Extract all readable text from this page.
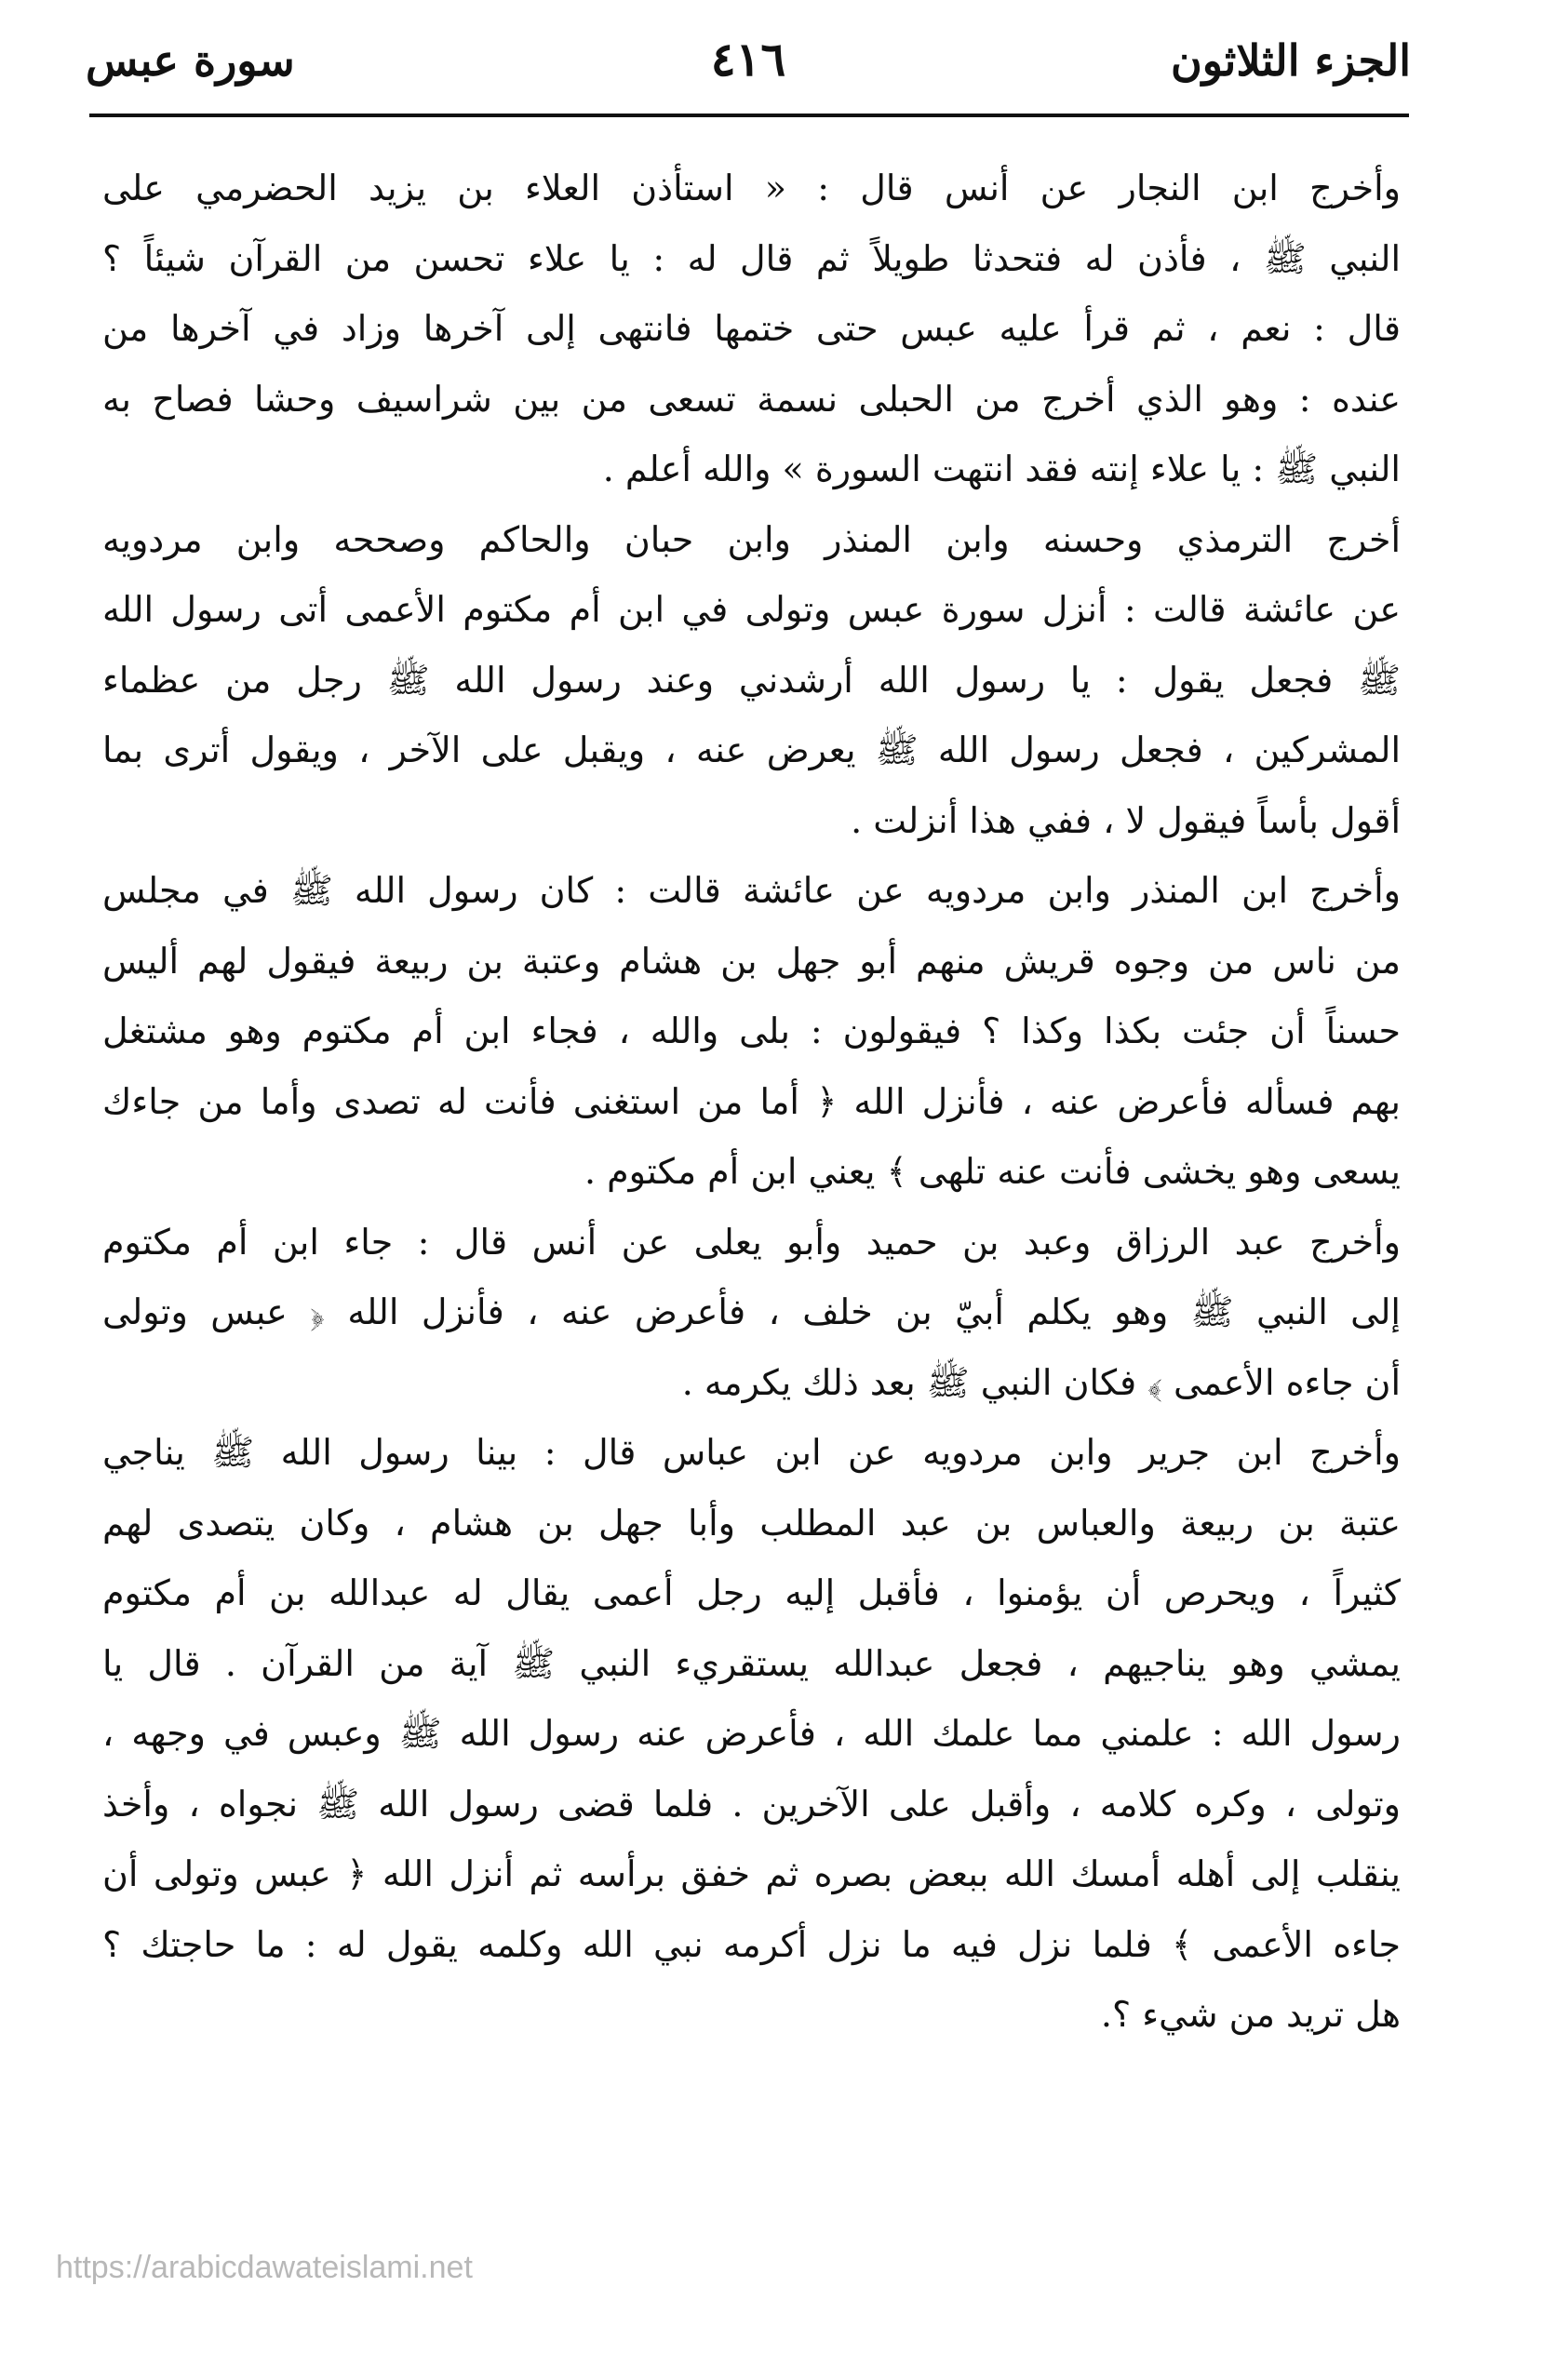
الجزء الثلاثون
٤١٦
سورة عبس

وأخرج ابن النجار عن أنس قال : « استأذن العلاء بن يزيد الحضرمي على
النبي ﷺ ، فأذن له فتحدثا طويلاً ثم قال له : يا علاء تحسن من القرآن شيئاً ؟
قال : نعم ، ثم قرأ عليه عبس حتى ختمها فانتهى إلى آخرها وزاد في آخرها من
عنده : وهو الذي أخرج من الحبلى نسمة تسعى من بين شراسيف وحشا فصاح به
النبي ﷺ : يا علاء إنته فقد انتهت السورة » والله أعلم .

أخرج الترمذي وحسنه وابن المنذر وابن حبان والحاكم وصححه وابن مردويه
عن عائشة قالت : أنزل سورة عبس وتولى في ابن أم مكتوم الأعمى أتى رسول الله
ﷺ فجعل يقول : يا رسول الله أرشدني وعند رسول الله ﷺ رجل من عظماء
المشركين ، فجعل رسول الله ﷺ يعرض عنه ، ويقبل على الآخر ، ويقول أترى بما
أقول بأساً فيقول لا ، ففي هذا أنزلت .

وأخرج ابن المنذر وابن مردويه عن عائشة قالت : كان رسول الله ﷺ في مجلس
من ناس من وجوه قريش منهم أبو جهل بن هشام وعتبة بن ربيعة فيقول لهم أليس
حسناً أن جئت بكذا وكذا ؟ فيقولون : بلى والله ، فجاء ابن أم مكتوم وهو مشتغل
بهم فسأله فأعرض عنه ، فأنزل الله ﴿ أما من استغنى فأنت له تصدى وأما من جاءك
يسعى وهو يخشى فأنت عنه تلهى ﴾ يعني ابن أم مكتوم .

وأخرج عبد الرزاق وعبد بن حميد وأبو يعلى عن أنس قال : جاء ابن أم مكتوم
إلى النبي ﷺ وهو يكلم أبيّ بن خلف ، فأعرض عنه ، فأنزل الله ﴿ عبس وتولى
أن جاءه الأعمى ﴾ فكان النبي ﷺ بعد ذلك يكرمه .

وأخرج ابن جرير وابن مردويه عن ابن عباس قال : بينا رسول الله ﷺ يناجي
عتبة بن ربيعة والعباس بن عبد المطلب وأبا جهل بن هشام ، وكان يتصدى لهم
كثيراً ، ويحرص أن يؤمنوا ، فأقبل إليه رجل أعمى يقال له عبدالله بن أم مكتوم
يمشي وهو يناجيهم ، فجعل عبدالله يستقريء النبي ﷺ آية من القرآن . قال يا
رسول الله : علمني مما علمك الله ، فأعرض عنه رسول الله ﷺ وعبس في وجهه ،
وتولى ، وكره كلامه ، وأقبل على الآخرين . فلما قضى رسول الله ﷺ نجواه ، وأخذ
ينقلب إلى أهله أمسك الله ببعض بصره ثم خفق برأسه ثم أنزل الله ﴿ عبس وتولى أن
جاءه الأعمى ﴾ فلما نزل فيه ما نزل أكرمه نبي الله وكلمه يقول له : ما حاجتك ؟
هل تريد من شيء ؟.

https://arabicdawateislami.net
